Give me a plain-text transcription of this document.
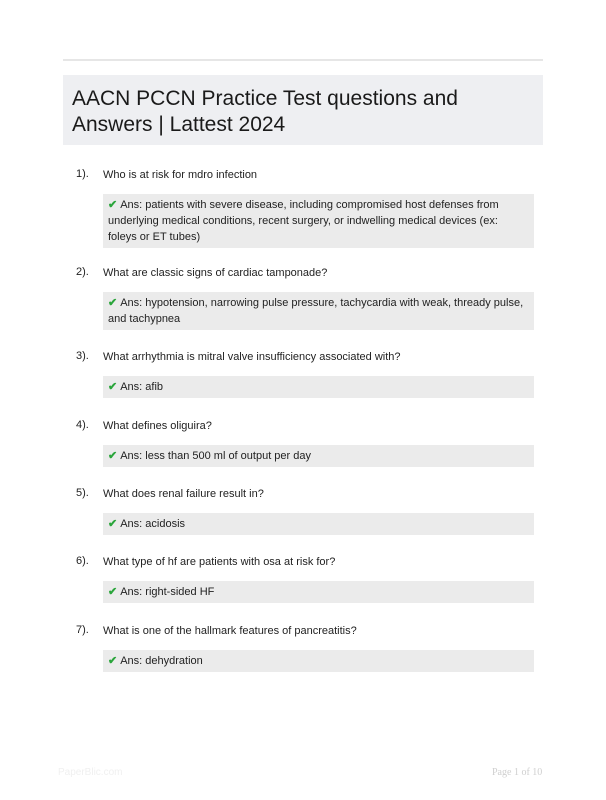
AACN PCCN Practice Test questions and Answers | Lattest 2024
1). Who is at risk for mdro infection
✔ Ans: patients with severe disease, including compromised host defenses from underlying medical conditions, recent surgery, or indwelling medical devices (ex: foleys or ET tubes)
2). What are classic signs of cardiac tamponade?
✔ Ans: hypotension, narrowing pulse pressure, tachycardia with weak, thready pulse, and tachypnea
3). What arrhythmia is mitral valve insufficiency associated with?
✔ Ans: afib
4). What defines oliguira?
✔ Ans: less than 500 ml of output per day
5). What does renal failure result in?
✔ Ans: acidosis
6). What type of hf are patients with osa at risk for?
✔ Ans: right-sided HF
7). What is one of the hallmark features of pancreatitis?
✔ Ans: dehydration
PaperBlic.com	Page 1 of 10
